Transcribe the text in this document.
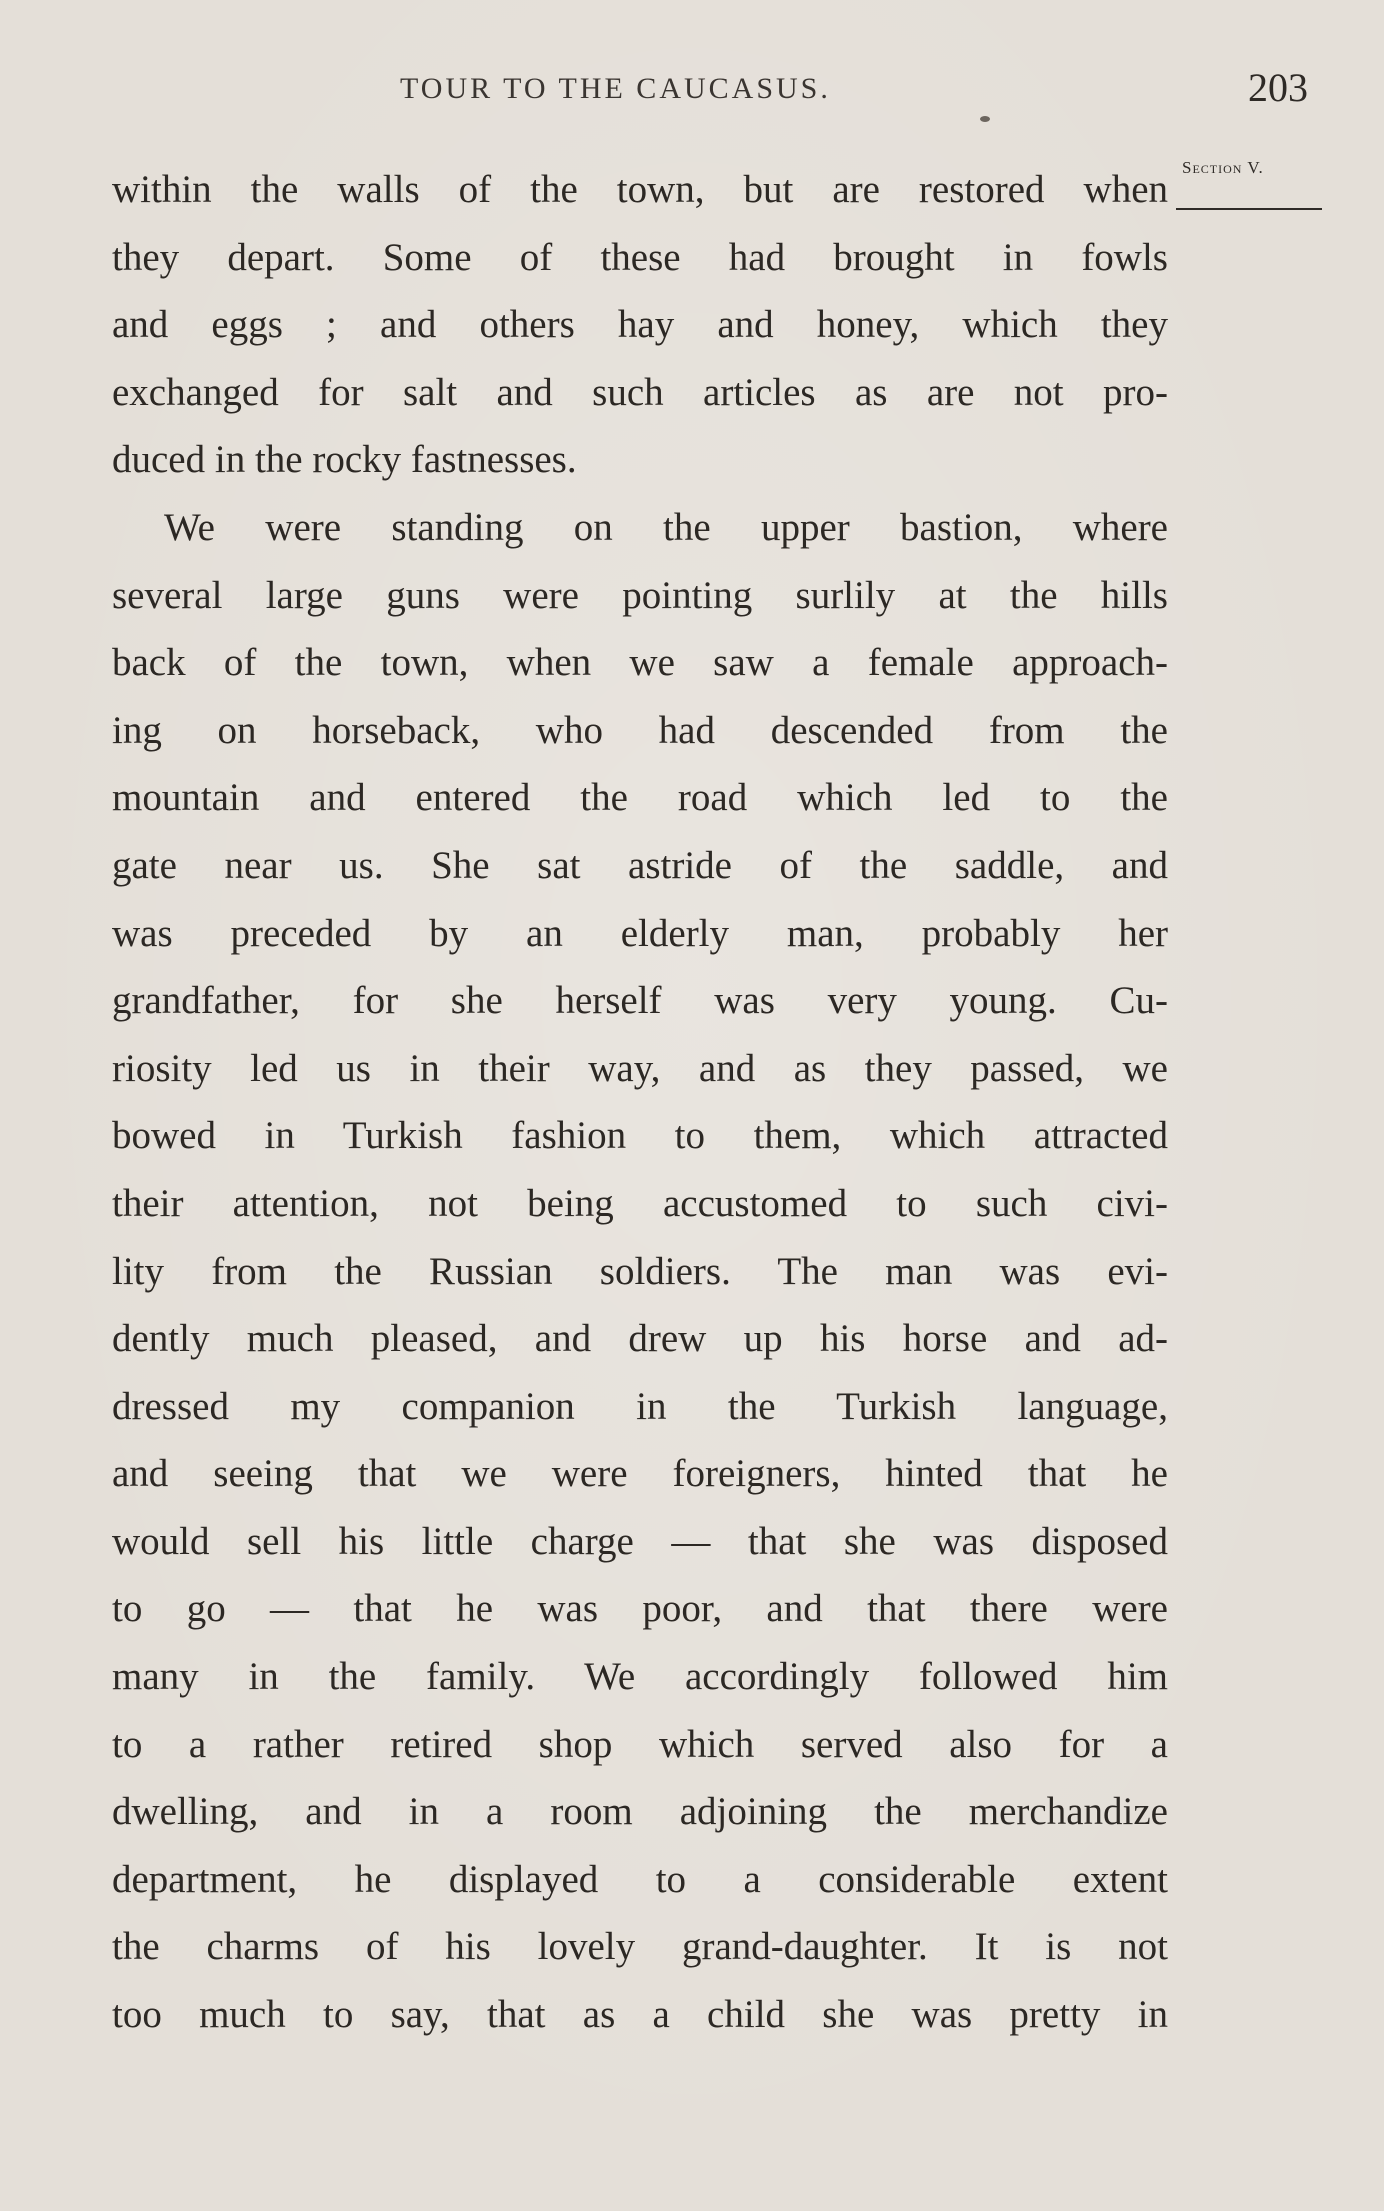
TOUR TO THE CAUCASUS.	203
Section V.
within the walls of the town, but are restored when
they depart. Some of these had brought in fowls
and eggs ; and others hay and honey, which they
exchanged for salt and such articles as are not pro-
duced in the rocky fastnesses.
We were standing on the upper bastion, where
several large guns were pointing surlily at the hills
back of the town, when we saw a female approach-
ing on horseback, who had descended from the
mountain and entered the road which led to the
gate near us. She sat astride of the saddle, and
was preceded by an elderly man, probably her
grandfather, for she herself was very young. Cu-
riosity led us in their way, and as they passed, we
bowed in Turkish fashion to them, which attracted
their attention, not being accustomed to such civi-
lity from the Russian soldiers. The man was evi-
dently much pleased, and drew up his horse and ad-
dressed my companion in the Turkish language,
and seeing that we were foreigners, hinted that he
would sell his little charge — that she was disposed
to go — that he was poor, and that there were
many in the family. We accordingly followed him
to a rather retired shop which served also for a
dwelling, and in a room adjoining the merchandize
department, he displayed to a considerable extent
the charms of his lovely grand-daughter. It is not
too much to say, that as a child she was pretty in
